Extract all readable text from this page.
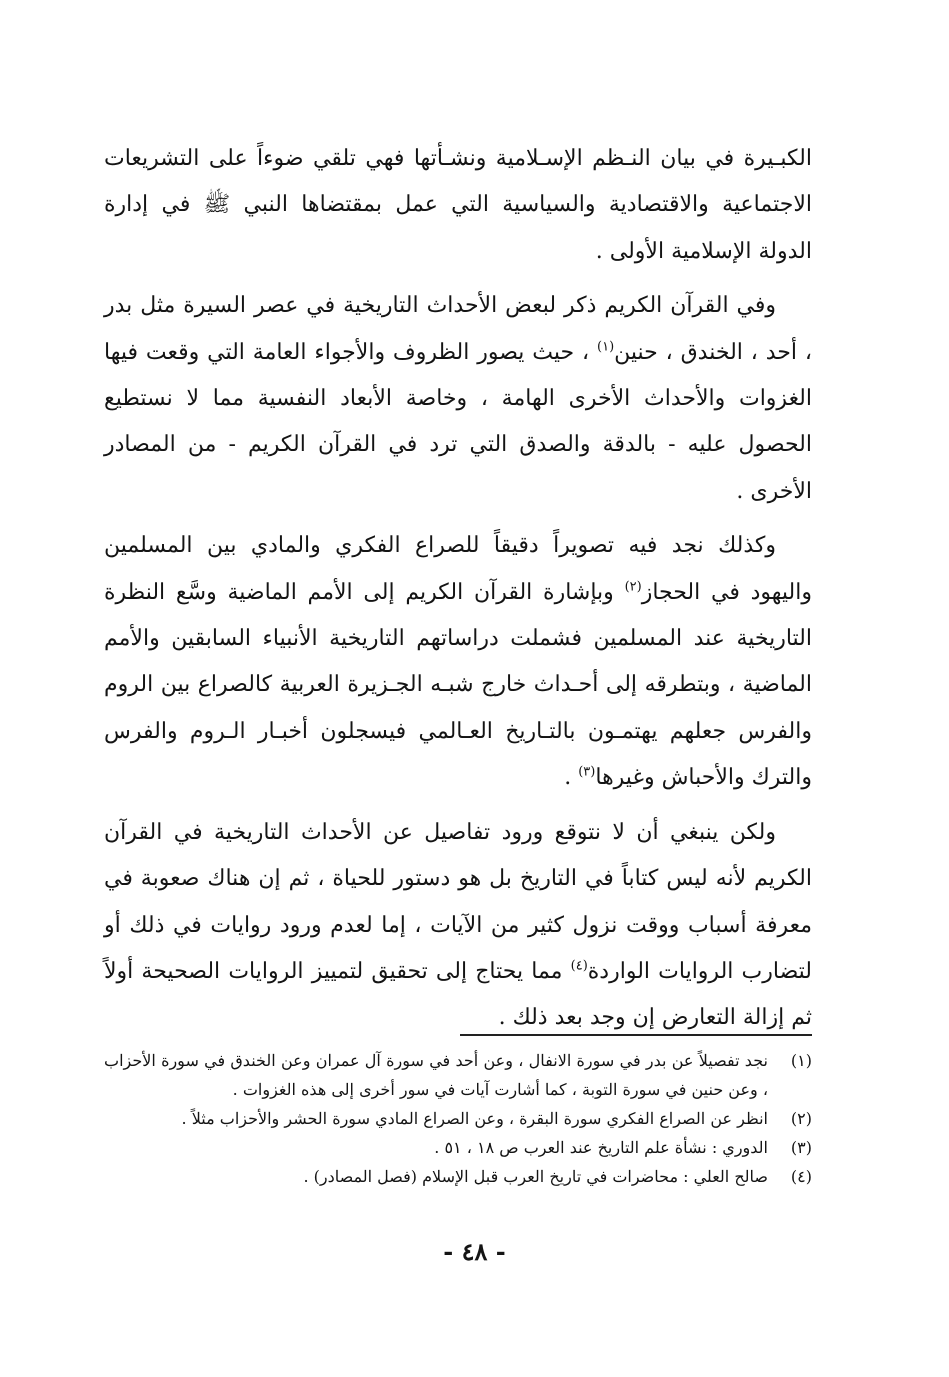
الكبـيرة في بيان النـظم الإسـلامية ونشـأتها فهي تلقي ضوءاً على التشريعات الاجتماعية والاقتصادية والسياسية التي عمل بمقتضاها النبي ﷺ في إدارة الدولة الإسلامية الأولى .

وفي القرآن الكريم ذكر لبعض الأحداث التاريخية في عصر السيرة مثل بدر ، أحد ، الخندق ، حنين$^{(١)}$ ، حيث يصور الظروف والأجواء العامة التي وقعت فيها الغزوات والأحداث الأخرى الهامة ، وخاصة الأبعاد النفسية مما لا نستطيع الحصول عليه - بالدقة والصدق التي ترد في القرآن الكريم - من المصادر الأخرى .

وكذلك نجد فيه تصويراً دقيقاً للصراع الفكري والمادي بين المسلمين واليهود في الحجاز$^{(٢)}$ وبإشارة القرآن الكريم إلى الأمم الماضية وسَّع النظرة التاريخية عند المسلمين فشملت دراساتهم التاريخية الأنبياء السابقين والأمم الماضية ، وبتطرقه إلى أحـداث خارج شبـه الجـزيرة العربية كالصراع بين الروم والفرس جعلهم يهتمـون بالتـاريخ العـالمي فيسجلون أخبـار الـروم والفرس والترك والأحباش وغيرها$^{(٣)}$ .

ولكن ينبغي أن لا نتوقع ورود تفاصيل عن الأحداث التاريخية في القرآن الكريم لأنه ليس كتاباً في التاريخ بل هو دستور للحياة ، ثم إن هناك صعوبة في معرفة أسباب ووقت نزول كثير من الآيات ، إما لعدم ورود روايات في ذلك أو لتضارب الروايات الواردة$^{(٤)}$ مما يحتاج إلى تحقيق لتمييز الروايات الصحيحة أولاً ثم إزالة التعارض إن وجد بعد ذلك .

(١)
نجد تفصيلاً عن بدر في سورة الانفال ، وعن أحد في سورة آل عمران وعن الخندق في سورة الأحزاب ، وعن حنين في سورة التوبة ، كما أشارت آيات في سور أخرى إلى هذه الغزوات .
(٢)
انظر عن الصراع الفكري سورة البقرة ، وعن الصراع المادي سورة الحشر والأحزاب مثلاً .
(٣)
الدوري : نشأة علم التاريخ عند العرب ص ١٨ ، ٥١ .
(٤)
صالح العلي : محاضرات في تاريخ العرب قبل الإسلام (فصل المصادر) .
- ٤٨ -
